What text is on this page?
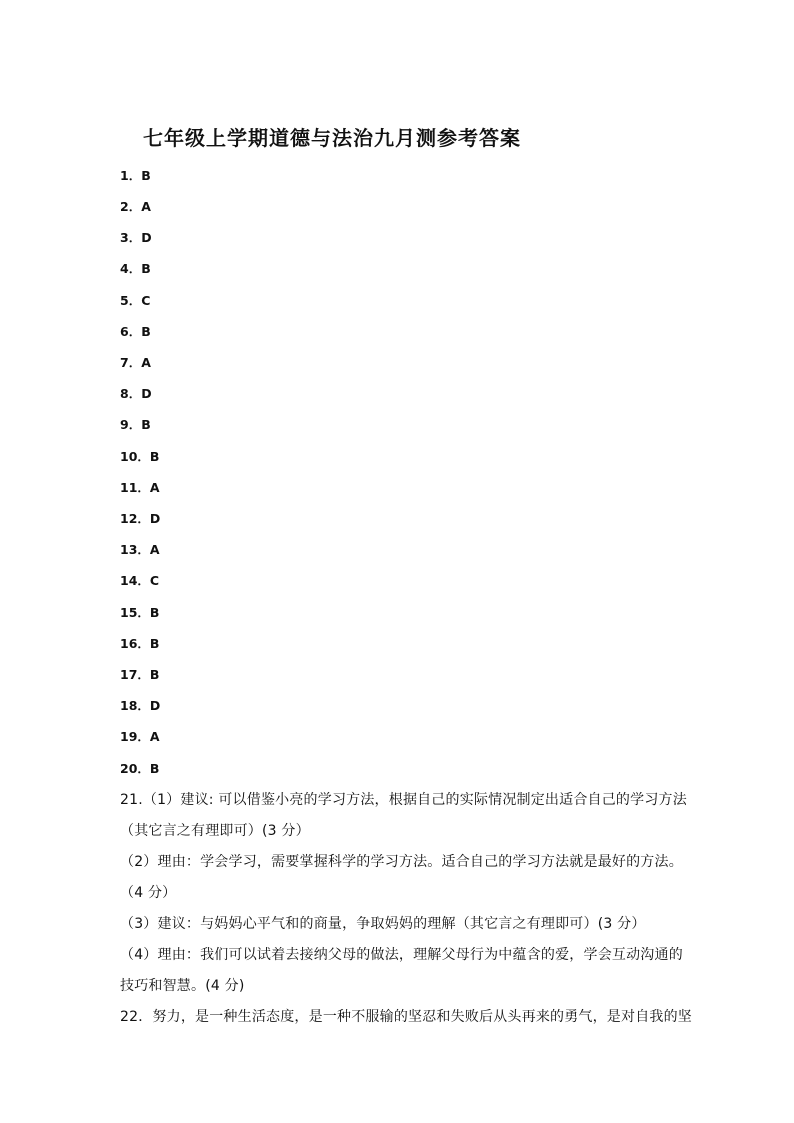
七年级上学期道德与法治九月测参考答案
1．B
2．A
3．D
4．B
5．C
6．B
7．A
8．D
9．B
10．B
11．A
12．D
13．A
14．C
15．B
16．B
17．B
18．D
19．A
20．B
21.（1）建议: 可以借鉴小亮的学习方法，根据自己的实际情况制定出适合自己的学习方法
（其它言之有理即可）(3 分）
（2）理由：学会学习，需要掌握科学的学习方法。适合自己的学习方法就是最好的方法。
（4 分）
（3）建议：与妈妈心平气和的商量，争取妈妈的理解（其它言之有理即可）(3 分）
（4）理由：我们可以试着去接纳父母的做法，理解父母行为中蕴含的爱，学会互动沟通的
技巧和智慧。(4 分)
22．努力，是一种生活态度，是一种不服输的坚忍和失败后从头再来的勇气，是对自我的坚
